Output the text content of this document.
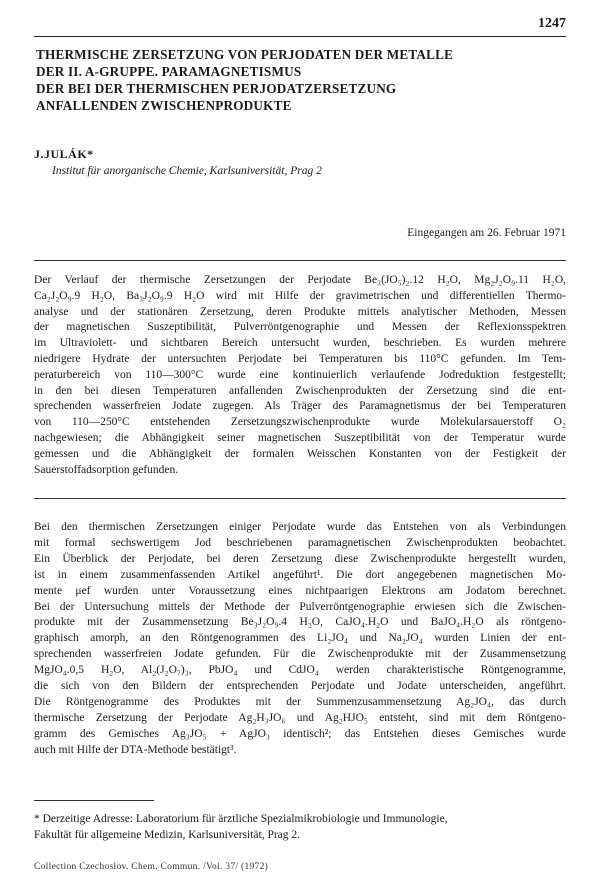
1247
THERMISCHE ZERSETZUNG VON PERJODATEN DER METALLE
DER II. A-GRUPPE. PARAMAGNETISMUS
DER BEI DER THERMISCHEN PERJODATZERSETZUNG
ANFALLENDEN ZWISCHENPRODUKTE
J.JULÁK*
Institut für anorganische Chemie, Karlsuniversität, Prag 2
Eingegangen am 26. Februar 1971
Der Verlauf der thermische Zersetzungen der Perjodate Be₃(JO₅)₂.12 H₂O, Mg₂J₂O₉.11 H₂O,
Ca₂J₂O₉.9 H₂O, Ba₃J₂O₉.9 H₂O wird mit Hilfe der gravimetrischen und differentiellen Thermo-
analyse und der stationären Zersetzung, deren Produkte mittels analytischer Methoden, Messen
der magnetischen Suszeptibilität, Pulverröntgenographie und Messen der Reflexionsspektren
im Ultraviolett- und sichtbaren Bereich untersucht wurden, beschrieben. Es wurden mehrere
niedrigere Hydrate der untersuchten Perjodate bei Temperaturen bis 110°C gefunden. Im Tem-
peraturbereich von 110—300°C wurde eine kontinuierlich verlaufende Jodreduktion festgestellt;
in den bei diesen Temperaturen anfallenden Zwischenprodukten der Zersetzung sind die ent-
sprechenden wasserfreien Jodate zugegen. Als Träger des Paramagnetismus der bei Temperaturen
von 110—250°C entstehenden Zersetzungszwischenprodukte wurde Molekularsauerstoff O₂
nachgewiesen; die Abhängigkeit seiner magnetischen Suszeptibilität von der Temperatur wurde
gemessen und die Abhängigkeit der formalen Weisschen Konstanten von der Festigkeit der
Sauerstoffadsorption gefunden.
Bei den thermischen Zersetzungen einiger Perjodate wurde das Entstehen von als Verbindungen
mit formal sechswertigem Jod beschriebenen paramagnetischen Zwischenprodukten beobachtet.
Ein Überblick der Perjodate, bei deren Zersetzung diese Zwischenprodukte hergestellt wurden,
ist in einem zusammenfassenden Artikel angeführt¹. Die dort angegebenen magnetischen Mo-
mente μef wurden unter Voraussetzung eines nichtpaarigen Elektrons am Jodatom berechnet.
Bei der Untersuchung mittels der Methode der Pulverröntgenographie erwiesen sich die Zwischen-
produkte mit der Zusammensetzung Be₃J₂O₉.4 H₂O, CaJO₄.H₂O und BaJO₄.H₂O als röntgeno-
graphisch amorph, an den Röntgenogrammen des Li₂JO₄ und Na₂JO₄ wurden Linien der ent-
sprechenden wasserfreien Jodate gefunden. Für die Zwischenprodukte mit der Zusammensetzung
MgJO₄.0,5 H₂O, Al₂(J₂O₇)₃, PbJO₄ und CdJO₄ werden charakteristische Röntgenogramme,
die sich von den Bildern der entsprechenden Perjodate und Jodate unterscheiden, angeführt.
Die Röntgenogramme des Produktes mit der Summenzusammensetzung Ag₂JO₄, das durch
thermische Zersetzung der Perjodate Ag₂H₃JO₆ und Ag₂HJO₅ entsteht, sind mit dem Röntgeno-
gramm des Gemisches Ag₃JO₅ + AgJO₃ identisch²; das Entstehen dieses Gemisches wurde
auch mit Hilfe der DTA-Methode bestätigt³.
* Derzeitige Adresse: Laboratorium für ärztliche Spezialmikrobiologie und Immunologie,
Fakultät für allgemeine Medizin, Karlsuniversität, Prag 2.
Collection Czechoslov. Chem. Commun. /Vol. 37/ (1972)
